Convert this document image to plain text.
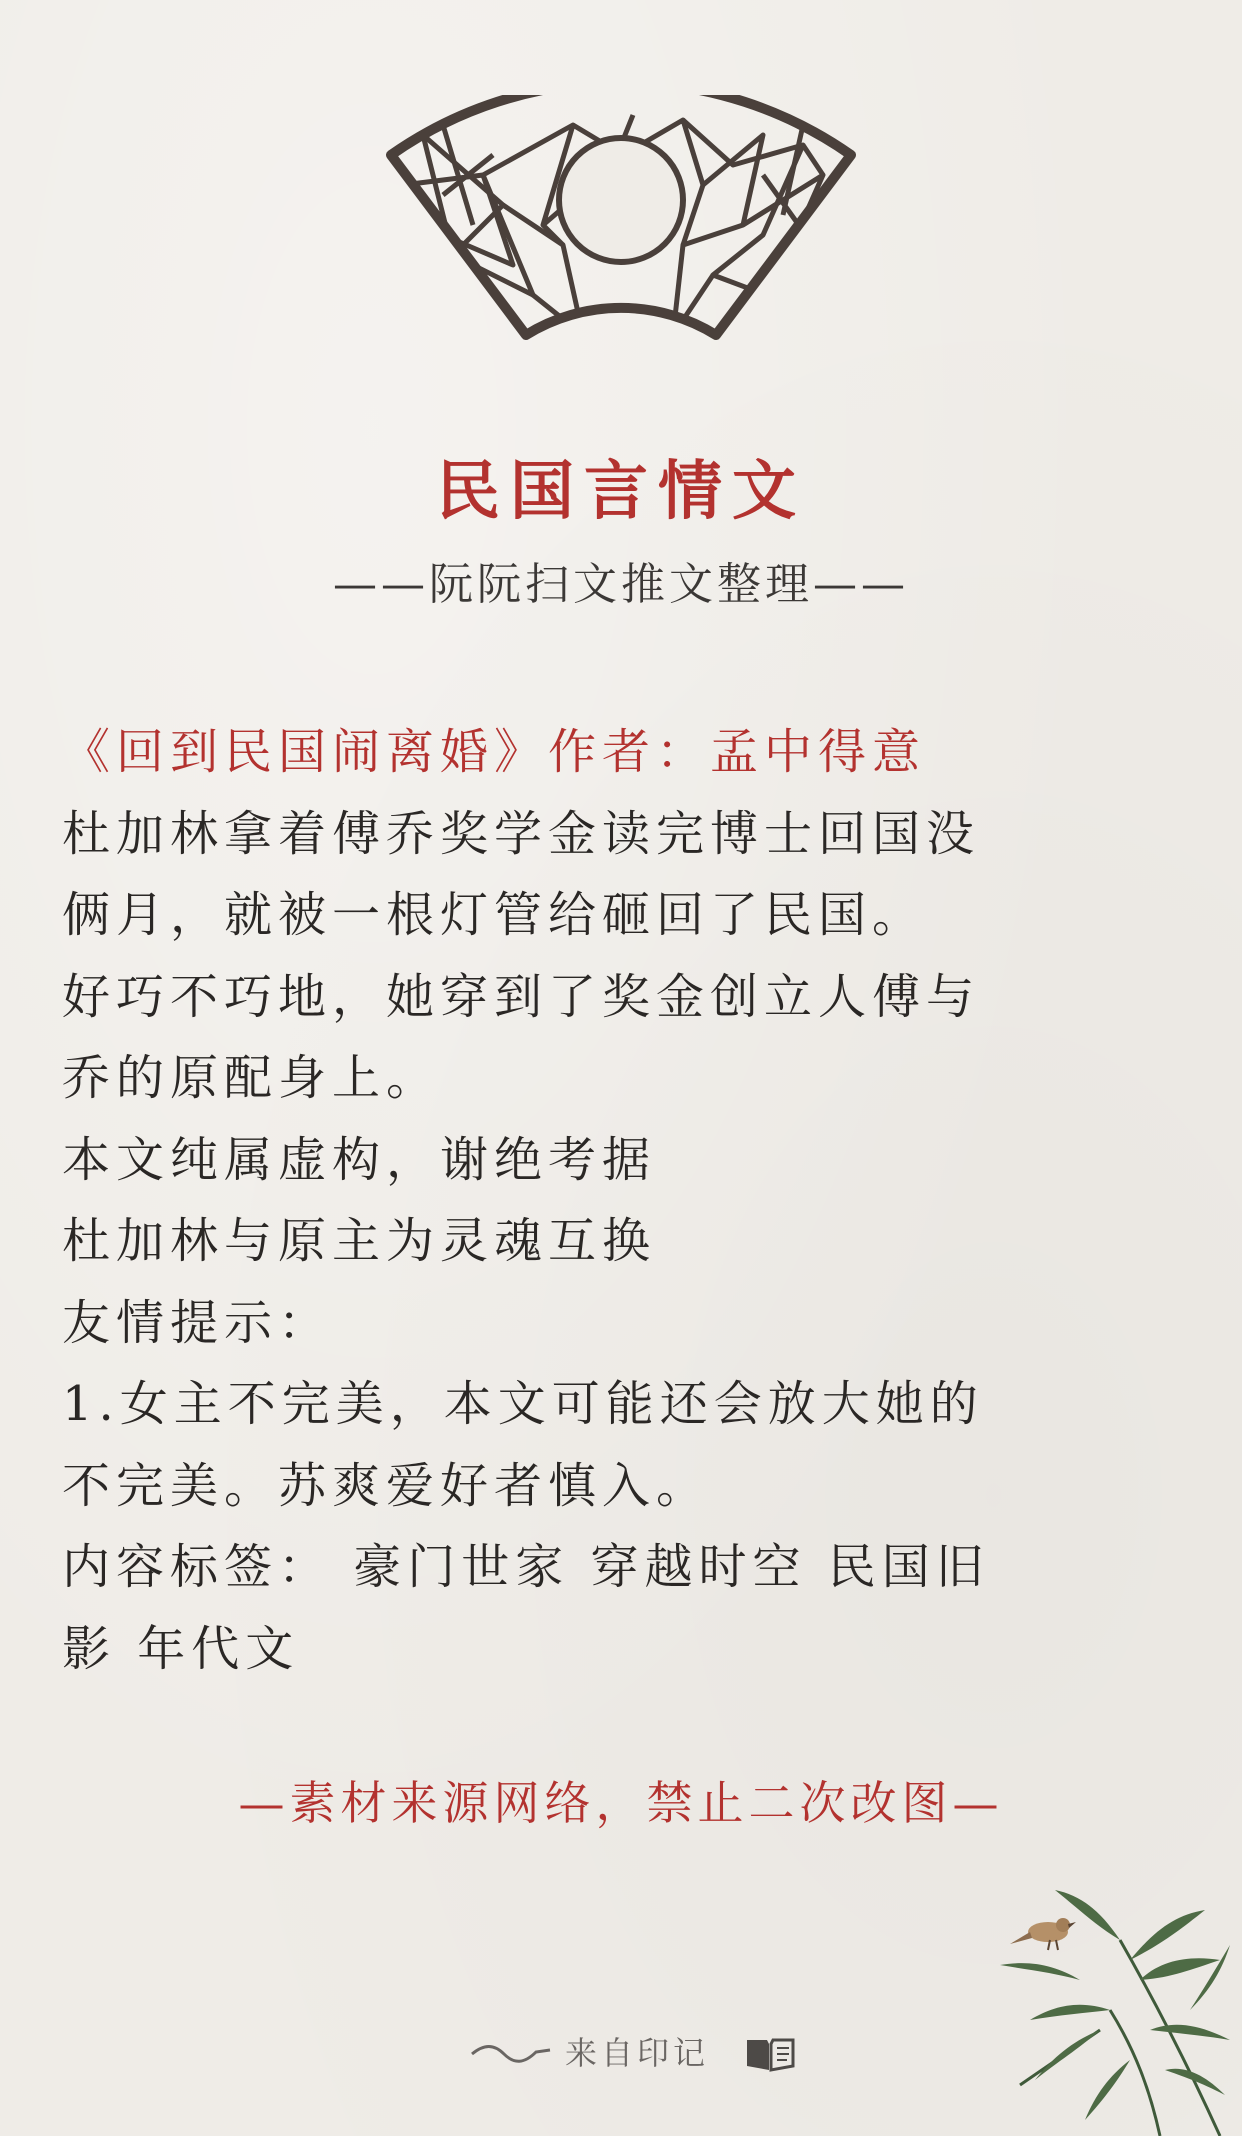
民国言情文
——阮阮扫文推文整理——

《回到民国闹离婚》作者：孟中得意

杜加林拿着傅乔奖学金读完博士回国没

俩月，就被一根灯管给砸回了民国。

好巧不巧地，她穿到了奖金创立人傅与

乔的原配身上。

本文纯属虚构，谢绝考据

杜加林与原主为灵魂互换

友情提示：

1.女主不完美，本文可能还会放大她的

不完美。苏爽爱好者慎入。

内容标签： 豪门世家 穿越时空 民国旧

影 年代文

—素材来源网络，禁止二次改图—
来自印记
